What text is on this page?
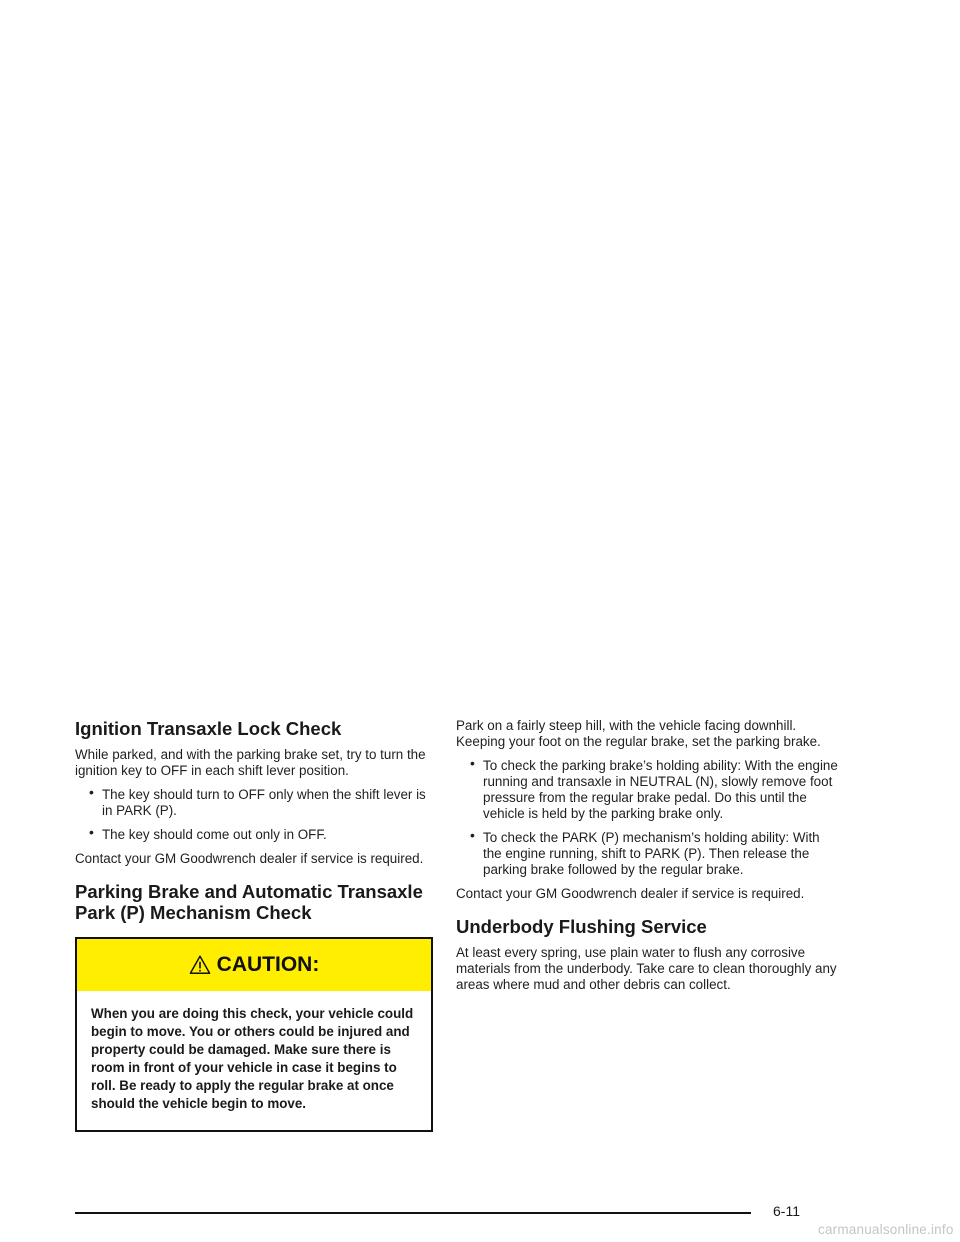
Ignition Transaxle Lock Check

While parked, and with the parking brake set, try to turn the ignition key to OFF in each shift lever position.

• The key should turn to OFF only when the shift lever is in PARK (P).
• The key should come out only in OFF.

Contact your GM Goodwrench dealer if service is required.

Parking Brake and Automatic Transaxle Park (P) Mechanism Check
CAUTION:
When you are doing this check, your vehicle could begin to move. You or others could be injured and property could be damaged. Make sure there is room in front of your vehicle in case it begins to roll. Be ready to apply the regular brake at once should the vehicle begin to move.

Park on a fairly steep hill, with the vehicle facing downhill. Keeping your foot on the regular brake, set the parking brake.

• To check the parking brake’s holding ability: With the engine running and transaxle in NEUTRAL (N), slowly remove foot pressure from the regular brake pedal. Do this until the vehicle is held by the parking brake only.
• To check the PARK (P) mechanism’s holding ability: With the engine running, shift to PARK (P). Then release the parking brake followed by the regular brake.

Contact your GM Goodwrench dealer if service is required.

Underbody Flushing Service

At least every spring, use plain water to flush any corrosive materials from the underbody. Take care to clean thoroughly any areas where mud and other debris can collect.

6-11
carmanualsonline.info
